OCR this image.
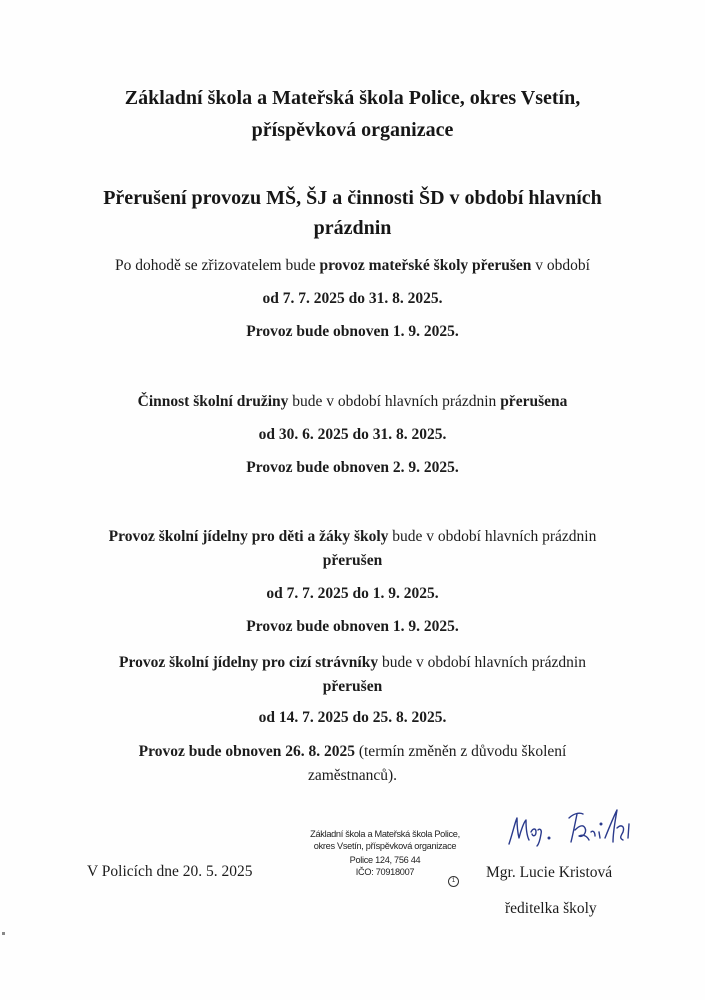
Základní škola a Mateřská škola Police, okres Vsetín,
příspěvková organizace
Přerušení provozu MŠ, ŠJ a činnosti ŠD v období hlavních
prázdnin
Po dohodě se zřizovatelem bude provoz mateřské školy přerušen v období
od 7. 7. 2025 do 31. 8. 2025.
Provoz bude obnoven 1. 9. 2025.
Činnost školní družiny bude v období hlavních prázdnin přerušena
od 30. 6. 2025 do 31. 8. 2025.
Provoz bude obnoven 2. 9. 2025.
Provoz školní jídelny pro děti a žáky školy bude v období hlavních prázdnin
přerušen
od 7. 7. 2025 do 1. 9. 2025.
Provoz bude obnoven 1. 9. 2025.
Provoz školní jídelny pro cizí strávníky bude v období hlavních prázdnin
přerušen
od 14. 7. 2025 do 25. 8. 2025.
Provoz bude obnoven 26. 8. 2025 (termín změněn z důvodu školení
zaměstnanců).
V Policích dne 20. 5. 2025
Základní škola a Mateřská škola Police,
okres Vsetín, příspěvková organizace
Police 124, 756 44
IČO: 70918007
1 Mgr. Lucie Kristová
ředitelka školy
